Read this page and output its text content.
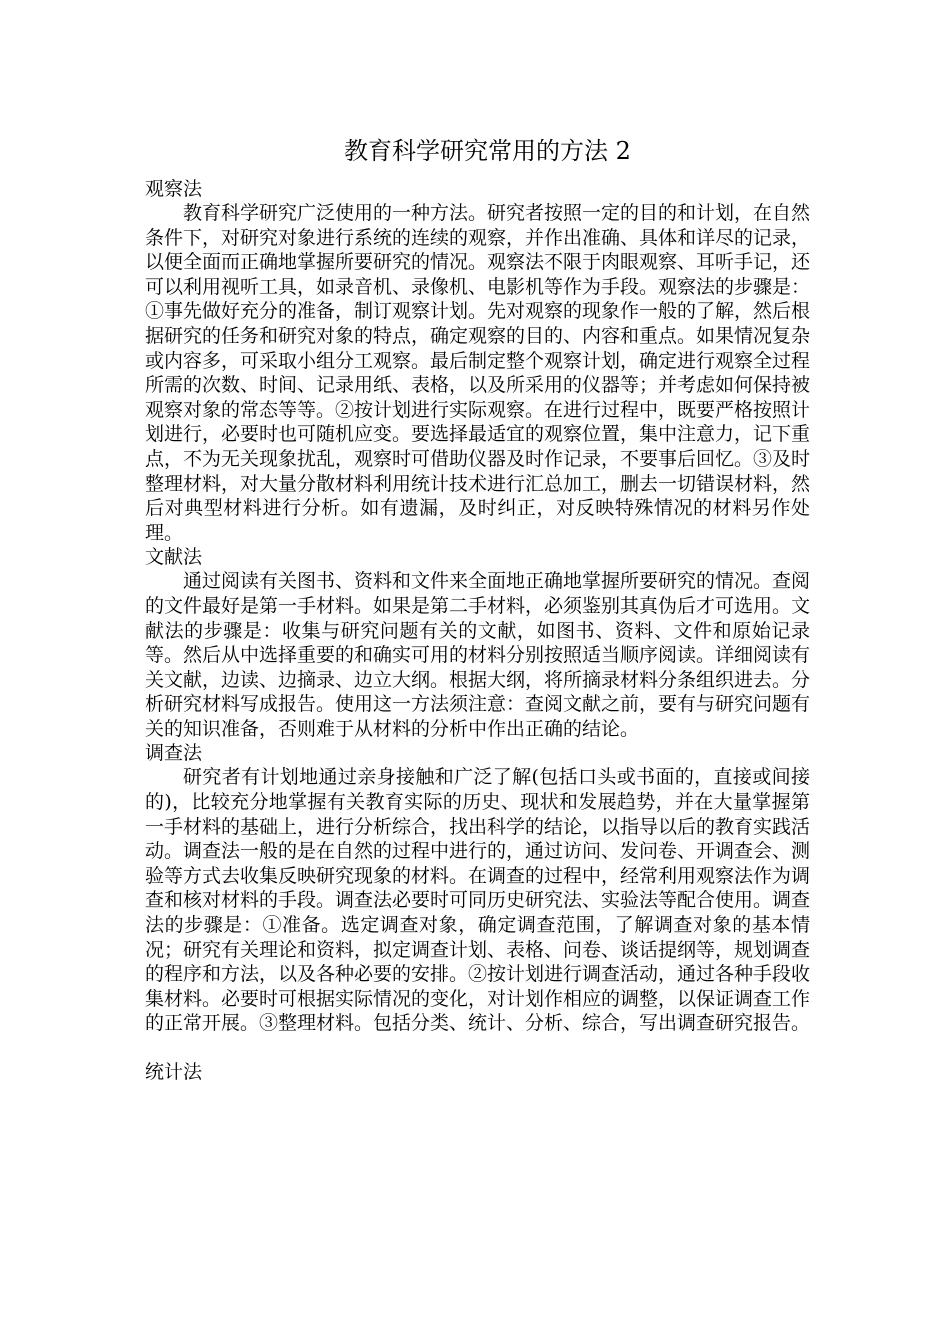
教育科学研究常用的方法 2
观察法

教育科学研究广泛使用的一种方法。研究者按照一定的目的和计划，在自然条件下，对研究对象进行系统的连续的观察，并作出准确、具体和详尽的记录，以便全面而正确地掌握所要研究的情况。观察法不限于肉眼观察、耳听手记，还可以利用视听工具，如录音机、录像机、电影机等作为手段。观察法的步骤是：①事先做好充分的准备，制订观察计划。先对观察的现象作一般的了解，然后根据研究的任务和研究对象的特点，确定观察的目的、内容和重点。如果情况复杂或内容多，可采取小组分工观察。最后制定整个观察计划，确定进行观察全过程所需的次数、时间、记录用纸、表格，以及所采用的仪器等；并考虑如何保持被观察对象的常态等等。②按计划进行实际观察。在进行过程中，既要严格按照计划进行，必要时也可随机应变。要选择最适宜的观察位置，集中注意力，记下重点，不为无关现象扰乱，观察时可借助仪器及时作记录，不要事后回忆。③及时整理材料，对大量分散材料利用统计技术进行汇总加工，删去一切错误材料，然后对典型材料进行分析。如有遗漏，及时纠正，对反映特殊情况的材料另作处理。

文献法

通过阅读有关图书、资料和文件来全面地正确地掌握所要研究的情况。查阅的文件最好是第一手材料。如果是第二手材料，必须鉴别其真伪后才可选用。文献法的步骤是：收集与研究问题有关的文献，如图书、资料、文件和原始记录等。然后从中选择重要的和确实可用的材料分别按照适当顺序阅读。详细阅读有关文献，边读、边摘录、边立大纲。根据大纲，将所摘录材料分条组织进去。分析研究材料写成报告。使用这一方法须注意：查阅文献之前，要有与研究问题有关的知识准备，否则难于从材料的分析中作出正确的结论。

调查法

研究者有计划地通过亲身接触和广泛了解(包括口头或书面的，直接或间接的)，比较充分地掌握有关教育实际的历史、现状和发展趋势，并在大量掌握第一手材料的基础上，进行分析综合，找出科学的结论，以指导以后的教育实践活动。调查法一般的是在自然的过程中进行的，通过访问、发问卷、开调查会、测验等方式去收集反映研究现象的材料。在调查的过程中，经常利用观察法作为调查和核对材料的手段。调查法必要时可同历史研究法、实验法等配合使用。调查法的步骤是：①准备。选定调查对象，确定调查范围，了解调查对象的基本情况；研究有关理论和资料，拟定调查计划、表格、问卷、谈话提纲等，规划调查的程序和方法，以及各种必要的安排。②按计划进行调查活动，通过各种手段收集材料。必要时可根据实际情况的变化，对计划作相应的调整，以保证调查工作的正常开展。③整理材料。包括分类、统计、分析、综合，写出调查研究报告。

统计法
